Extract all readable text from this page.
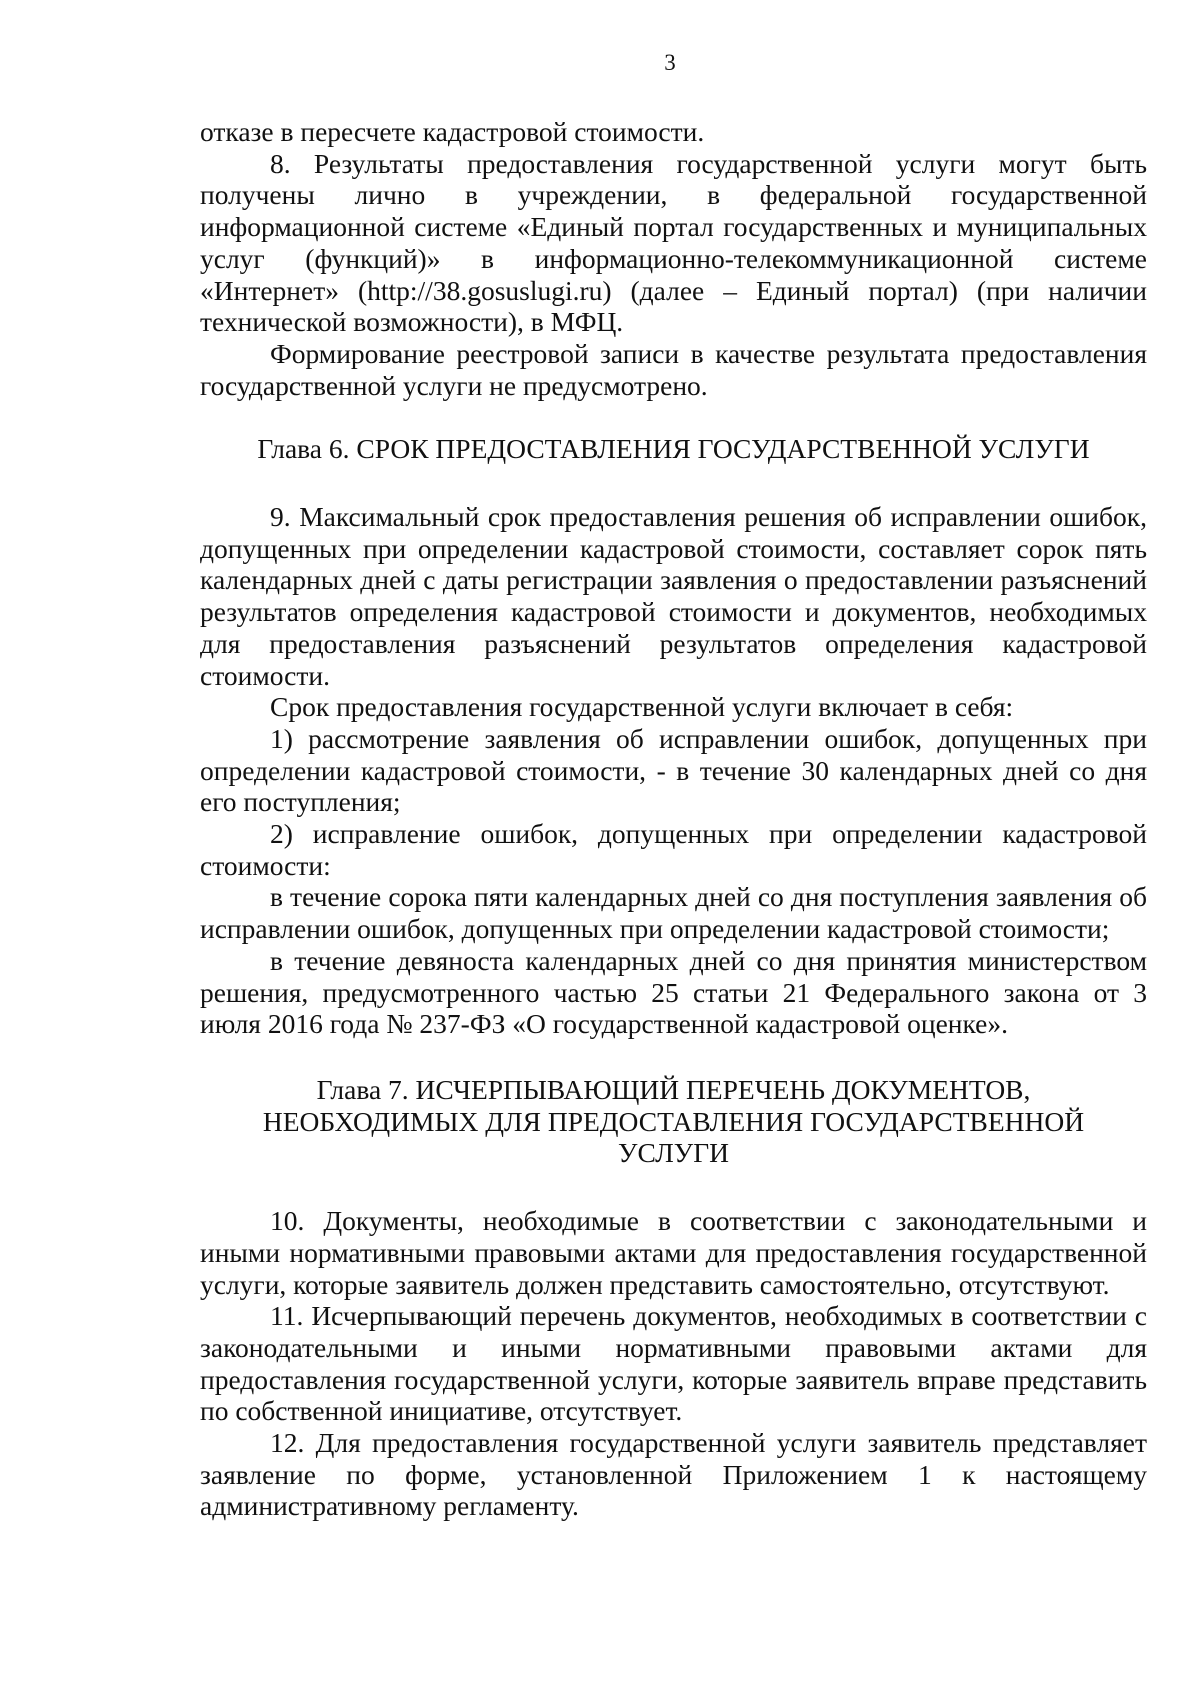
3

отказе в пересчете кадастровой стоимости.

8. Результаты предоставления государственной услуги могут быть получены лично в учреждении, в федеральной государственной информационной системе «Единый портал государственных и муниципальных услуг (функций)» в информационно-телекоммуникационной системе «Интернет» (http://38.gosuslugi.ru) (далее – Единый портал) (при наличии технической возможности), в МФЦ.

Формирование реестровой записи в качестве результата предоставления государственной услуги не предусмотрено.

Глава 6. СРОК ПРЕДОСТАВЛЕНИЯ ГОСУДАРСТВЕННОЙ УСЛУГИ

9. Максимальный срок предоставления решения об исправлении ошибок, допущенных при определении кадастровой стоимости, составляет сорок пять календарных дней с даты регистрации заявления о предоставлении разъяснений результатов определения кадастровой стоимости и документов, необходимых для предоставления разъяснений результатов определения кадастровой стоимости.

Срок предоставления государственной услуги включает в себя:

1) рассмотрение заявления об исправлении ошибок, допущенных при определении кадастровой стоимости, - в течение 30 календарных дней со дня его поступления;

2) исправление ошибок, допущенных при определении кадастровой стоимости:

в течение сорока пяти календарных дней со дня поступления заявления об исправлении ошибок, допущенных при определении кадастровой стоимости;

в течение девяноста календарных дней со дня принятия министерством решения, предусмотренного частью 25 статьи 21 Федерального закона от 3 июля 2016 года № 237-ФЗ «О государственной кадастровой оценке».

Глава 7. ИСЧЕРПЫВАЮЩИЙ ПЕРЕЧЕНЬ ДОКУМЕНТОВ,

НЕОБХОДИМЫХ ДЛЯ ПРЕДОСТАВЛЕНИЯ ГОСУДАРСТВЕННОЙ

УСЛУГИ

10. Документы, необходимые в соответствии с законодательными и иными нормативными правовыми актами для предоставления государственной услуги, которые заявитель должен представить самостоятельно, отсутствуют.

11. Исчерпывающий перечень документов, необходимых в соответствии с законодательными и иными нормативными правовыми актами для предоставления государственной услуги, которые заявитель вправе представить по собственной инициативе, отсутствует.

12. Для предоставления государственной услуги заявитель представляет заявление по форме, установленной Приложением 1 к настоящему административному регламенту.
